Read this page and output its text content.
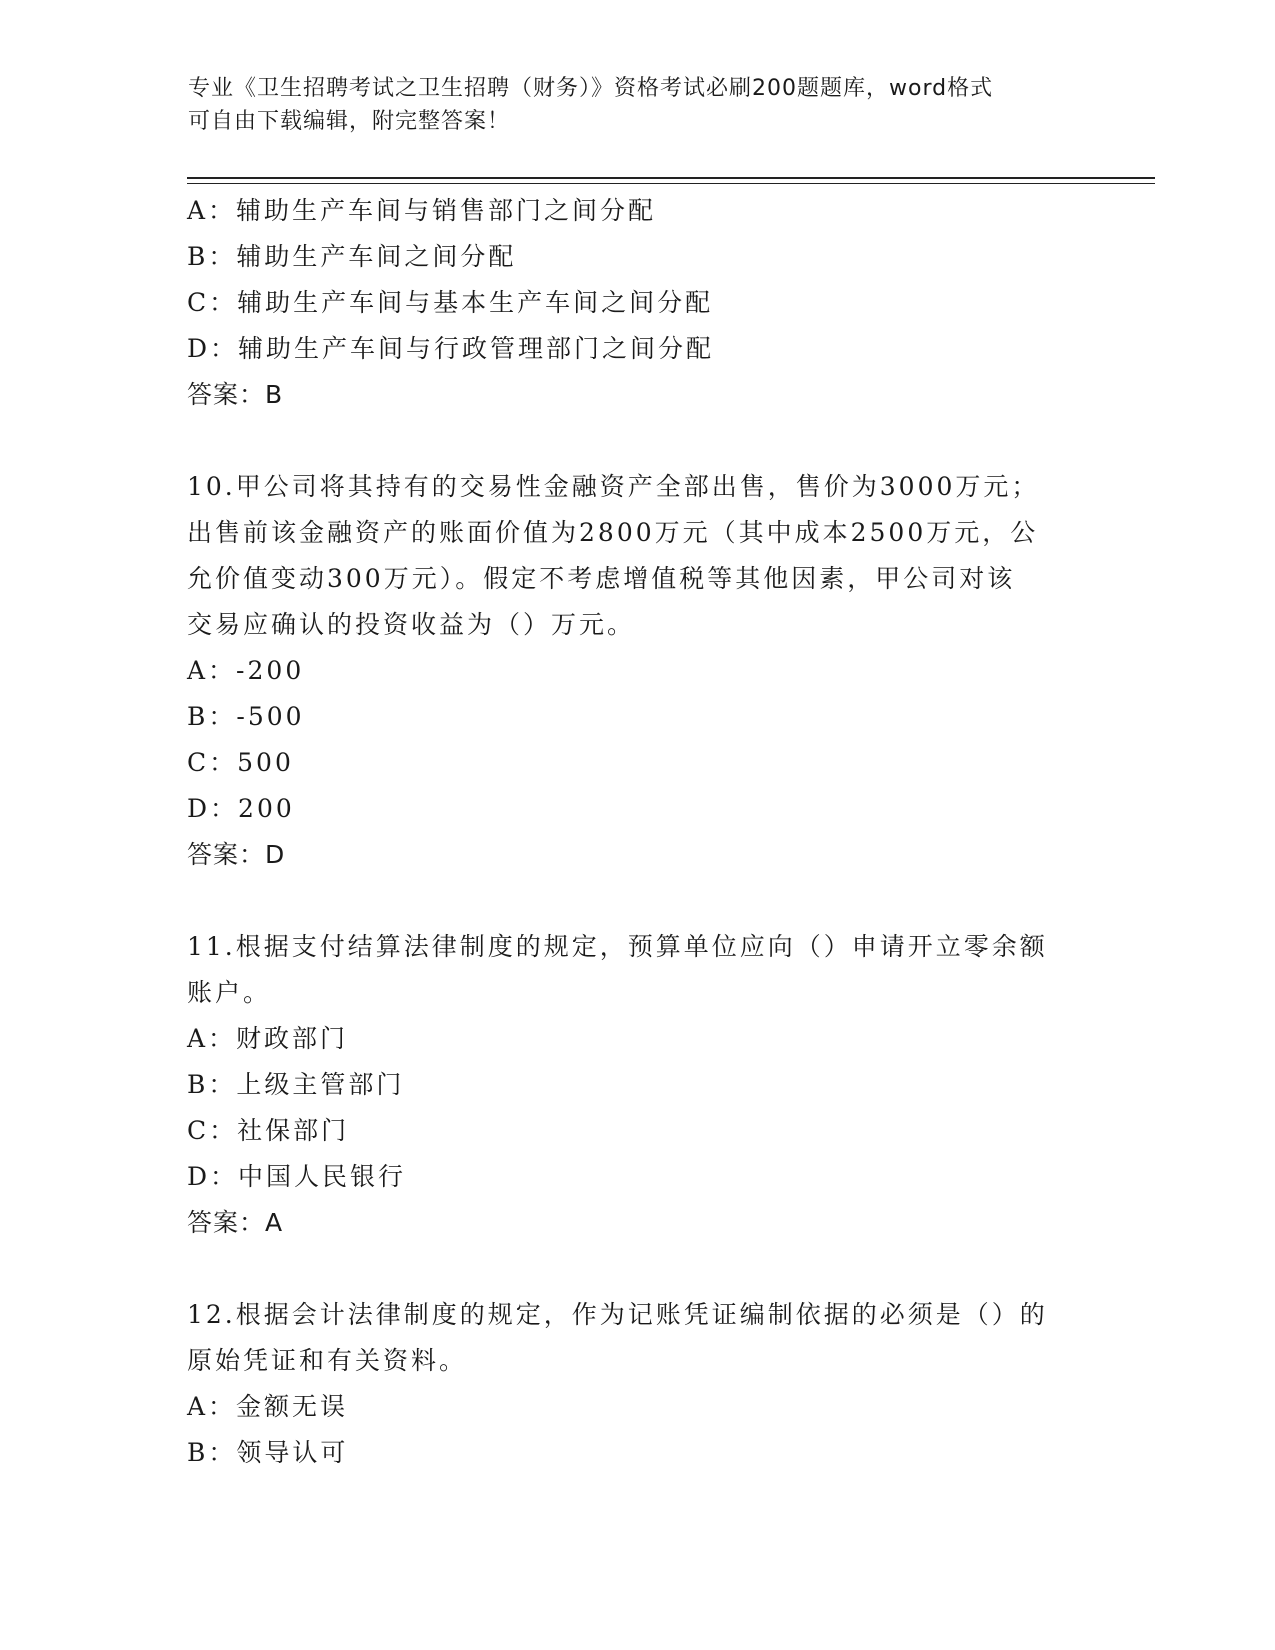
专业《卫生招聘考试之卫生招聘（财务）》资格考试必刷200题题库，word格式
可自由下载编辑，附完整答案！
A：辅助生产车间与销售部门之间分配
B：辅助生产车间之间分配
C：辅助生产车间与基本生产车间之间分配
D：辅助生产车间与行政管理部门之间分配
答案：B
10.甲公司将其持有的交易性金融资产全部出售，售价为3000万元；
出售前该金融资产的账面价值为2800万元（其中成本2500万元，公
允价值变动300万元）。假定不考虑增值税等其他因素，甲公司对该
交易应确认的投资收益为（）万元。
A：-200
B：-500
C：500
D：200
答案：D
11.根据支付结算法律制度的规定，预算单位应向（）申请开立零余额
账户。
A：财政部门
B：上级主管部门
C：社保部门
D：中国人民银行
答案：A
12.根据会计法律制度的规定，作为记账凭证编制依据的必须是（）的
原始凭证和有关资料。
A：金额无误
B：领导认可
